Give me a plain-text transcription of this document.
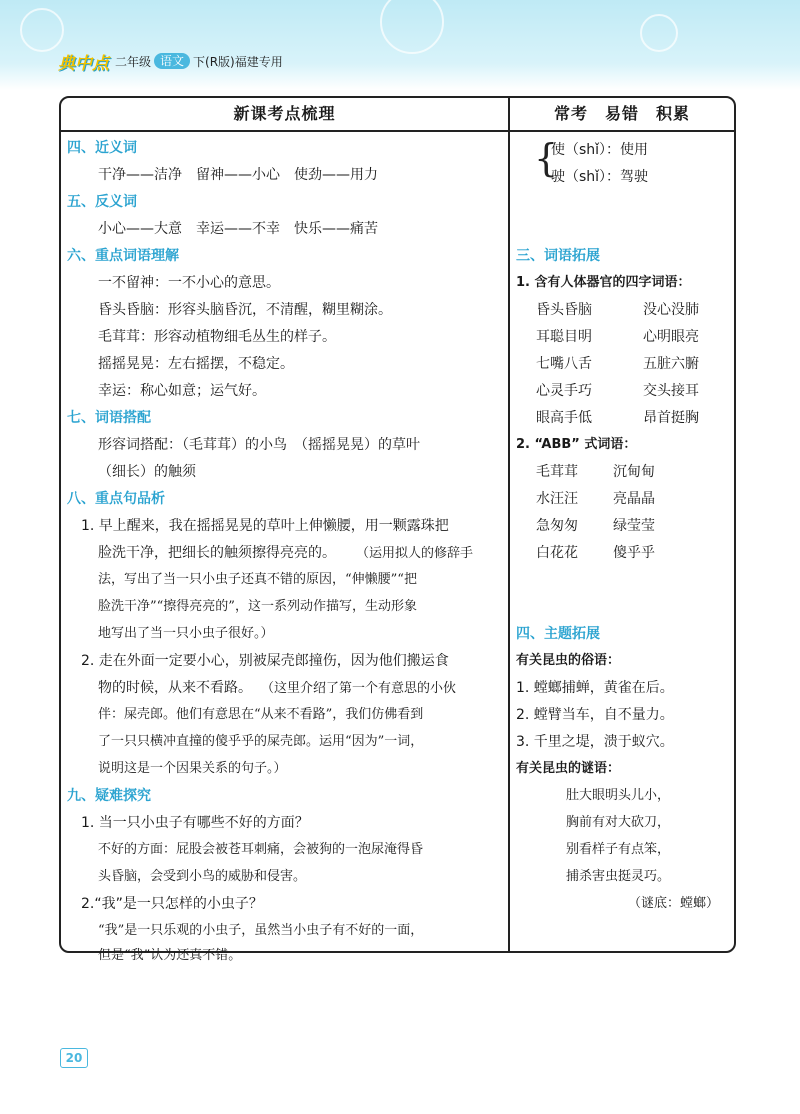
典中点 二年级 语文 下(R版)福建专用
新课考点梳理	常考　易错　积累
四、近义词
干净——洁净　留神——小心　使劲——用力
五、反义词
小心——大意　幸运——不幸　快乐——痛苦
六、重点词语理解
一不留神：一不小心的意思。
昏头昏脑：形容头脑昏沉，不清醒，糊里糊涂。
毛茸茸：形容动植物细毛丛生的样子。
摇摇晃晃：左右摇摆，不稳定。
幸运：称心如意；运气好。
七、词语搭配
形容词搭配：（毛茸茸）的小鸟　（摇摇晃晃）的草叶
（细长）的触须
八、重点句品析
1. 早上醒来，我在摇摇晃晃的草叶上伸懒腰，用一颗露珠把
脸洗干净，把细长的触须擦得亮亮的。 （运用拟人的修辞手
法，写出了当一只小虫子还真不错的原因，“伸懒腰”“把
脸洗干净”“擦得亮亮的”，这一系列动作描写，生动形象
地写出了当一只小虫子很好。）
2. 走在外面一定要小心，别被屎壳郎撞伤，因为他们搬运食
物的时候，从来不看路。 （这里介绍了第一个有意思的小伙
伴：屎壳郎。他们有意思在“从来不看路”，我们仿佛看到
了一只只横冲直撞的傻乎乎的屎壳郎。运用“因为”一词，
说明这是一个因果关系的句子。）
九、疑难探究
1. 当一只小虫子有哪些不好的方面？
不好的方面：屁股会被苍耳刺痛，会被狗的一泡尿淹得昏
头昏脑，会受到小鸟的威胁和侵害。
2.“我”是一只怎样的小虫子？
“我”是一只乐观的小虫子，虽然当小虫子有不好的一面，
但是“我”认为还真不错。
{
使（shǐ）：使用
驶（shǐ）：驾驶
三、词语拓展
1. 含有人体器官的四字词语：
昏头昏脑	没心没肺
耳聪目明	心明眼亮
七嘴八舌	五脏六腑
心灵手巧	交头接耳
眼高手低	昂首挺胸
2. “ABB” 式词语：
毛茸茸	沉甸甸
水汪汪	亮晶晶
急匆匆	绿莹莹
白花花	傻乎乎
四、主题拓展
有关昆虫的俗语：
1. 螳螂捕蝉，黄雀在后。
2. 螳臂当车，自不量力。
3. 千里之堤，溃于蚁穴。
有关昆虫的谜语：
肚大眼明头儿小，
胸前有对大砍刀，
别看样子有点笨，
捕杀害虫挺灵巧。
（谜底：螳螂）
20
